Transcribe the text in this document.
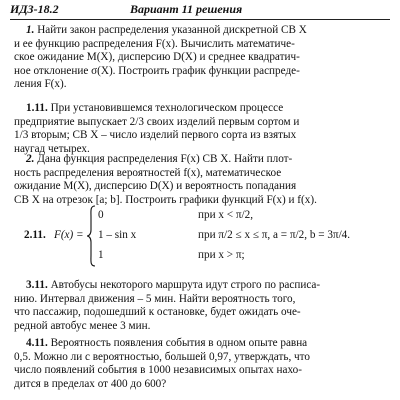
ИДЗ-18.2	Вариант 11 решения
1. Найти закон распределения указанной дискретной СВ X
и ее функцию распределения F(x). Вычислить математиче-
ское ожидание M(X), дисперсию D(X) и среднее квадратич-
ное отклонение σ(X). Построить график функции распреде-
ления F(x).
1.11. При установившемся технологическом процессе
предприятие выпускает 2/3 своих изделий первым сортом и
1/3 вторым; СВ X – число изделий первого сорта из взятых
наугад четырех.
2. Дана функция распределения F(x) СВ X. Найти плот-
ность распределения вероятностей f(x), математическое
ожидание M(X), дисперсию D(X) и вероятность попадания
СВ X на отрезок [a; b]. Построить графики функций F(x) и f(x).
2.11. F(x) =
0	при x < π/2,
1 – sin x	при π/2 ≤ x ≤ π, a = π/2, b = 3π/4.
1	при x > π;
3.11. Автобусы некоторого маршрута идут строго по расписа-
нию. Интервал движения – 5 мин. Найти вероятность того,
что пассажир, подошедший к остановке, будет ожидать оче-
редной автобус менее 3 мин.
4.11. Вероятность появления события в одном опыте равна
0,5. Можно ли с вероятностью, большей 0,97, утверждать, что
число появлений события в 1000 независимых опытах нахо-
дится в пределах от 400 до 600?
